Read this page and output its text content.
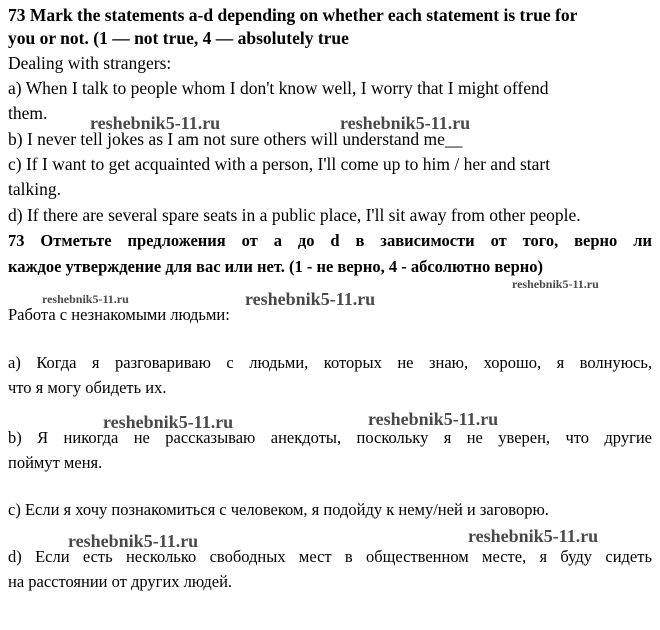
73 Mark the statements a-d depending on whether each statement is true for
you or not. (1 — not true, 4 — absolutely true
Dealing with strangers:
a) When I talk to people whom I don't know well, I worry that I might offend
them.
b) I never tell jokes as I am not sure others will understand me__
c) If I want to get acquainted with a person, I'll come up to him / her and start
talking.
d) If there are several spare seats in a public place, I'll sit away from other people.
73 Отметьте предложения от a до d в зависимости от того, верно ли
каждое утверждение для вас или нет. (1 - не верно, 4 - абсолютно верно)
Работа с незнакомыми людьми:
a) Когда я разговариваю с людьми, которых не знаю, хорошо, я волнуюсь,
что я могу обидеть их.
b) Я никогда не рассказываю анекдоты, поскольку я не уверен, что другие
поймут меня.
c) Если я хочу познакомиться с человеком, я подойду к нему/ней и заговорю.
d) Если есть несколько свободных мест в общественном месте, я буду сидеть
на расстоянии от других людей.
reshebnik5-11.ru	reshebnik5-11.ru
reshebnik5-11.ru
reshebnik5-11.ru	reshebnik5-11.ru
reshebnik5-11.ru	reshebnik5-11.ru
reshebnik5-11.ru	reshebnik5-11.ru
